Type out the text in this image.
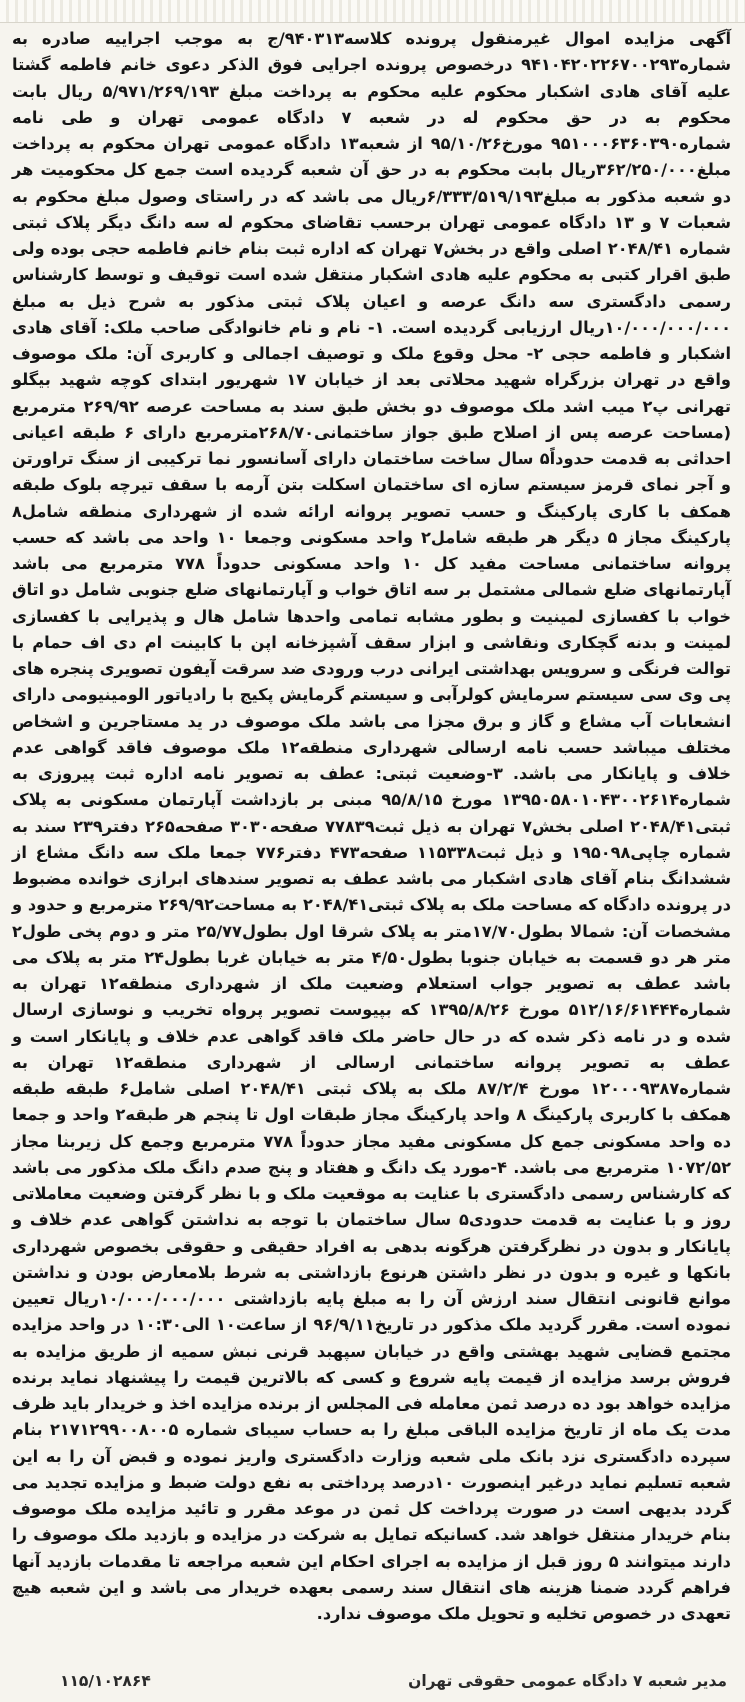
آگهی مزایده اموال غیرمنقول پرونده کلاسه۹۴۰۳۱۳/ج به موجب اجراییه صادره به شماره۹۴۱۰۴۲۰۲۲۶۷۰۰۲۹۳ درخصوص پرونده اجرایی فوق الذکر دعوی خانم فاطمه گشتا علیه آقای هادی اشکبار محکوم علیه محکوم به پرداخت مبلغ ۵/۹۷۱/۲۶۹/۱۹۳ ریال بابت محکوم به در حق محکوم له در شعبه ۷ دادگاه عمومی تهران و طی نامه شماره۹۵۱۰۰۰۶۳۶۰۳۹۰ مورخ۹۵/۱۰/۲۶ از شعبه۱۳ دادگاه عمومی تهران محکوم به پرداخت مبلغ۳۶۲/۲۵۰/۰۰۰ریال بابت محکوم به در حق آن شعبه گردیده است جمع کل محکومیت هر دو شعبه مذکور به مبلغ۶/۳۳۳/۵۱۹/۱۹۳ریال می باشد که در راستای وصول مبلغ محکوم به شعبات ۷ و ۱۳ دادگاه عمومی تهران برحسب تقاضای محکوم له سه دانگ دیگر پلاک ثبتی شماره ۲۰۴۸/۴۱ اصلی واقع در بخش۷ تهران که اداره ثبت بنام خانم فاطمه حجی بوده ولی طبق اقرار کتبی به محکوم علیه هادی اشکبار منتقل شده است توقیف و توسط کارشناس رسمی دادگستری سه دانگ عرصه و اعیان پلاک ثبتی مذکور به شرح ذیل به مبلغ ۱۰/۰۰۰/۰۰۰/۰۰۰ریال ارزیابی گردیده است. ۱- نام و نام خانوادگی صاحب ملک: آقای هادی اشکبار و فاطمه حجی ۲- محل وقوع ملک و توصیف اجمالی و کاربری آن: ملک موصوف واقع در تهران بزرگراه شهید محلاتی بعد از خیابان ۱۷ شهریور ابتدای کوچه شهید بیگلو تهرانی پ۲ میب اشد ملک موصوف دو بخش طبق سند به مساحت عرصه ۲۶۹/۹۲ مترمربع (مساحت عرصه پس از اصلاح طبق جواز ساختمانی۲۶۸/۷۰مترمربع دارای ۶ طبقه اعیانی احداثی به قدمت حدوداً۵ سال ساخت ساختمان دارای آسانسور نما ترکیبی از سنگ تراورتن و آجر نمای قرمز سیستم سازه ای ساختمان اسکلت بتن آرمه با سقف تیرچه بلوک طبقه همکف با کاری پارکینگ و حسب تصویر پروانه ارائه شده از شهرداری منطقه شامل۸ پارکینگ مجاز ۵ دیگر هر طبقه شامل۲ واحد مسکونی وجمعا ۱۰ واحد می باشد که حسب پروانه ساختمانی مساحت مفید کل ۱۰ واحد مسکونی حدوداً ۷۷۸ مترمربع می باشد آپارتمانهای ضلع شمالی مشتمل بر سه اتاق خواب و آپارتمانهای ضلع جنوبی شامل دو اتاق خواب با کفسازی لمینیت و بطور مشابه تمامی واحدها شامل هال و پذیرایی با کفسازی لمینت و بدنه گچکاری ونقاشی و ابزار سقف آشپزخانه اپن با کابینت ام دی اف حمام با توالت فرنگی و سرویس بهداشتی ایرانی درب ورودی ضد سرقت آیفون تصویری پنجره های پی وی سی سیستم سرمایش کولرآبی و سیستم گرمایش پکیج با رادیاتور الومینیومی دارای انشعابات آب مشاع و گاز و برق مجزا می باشد ملک موصوف در ید مستاجرین و اشخاص مختلف میباشد حسب نامه ارسالی شهرداری منطقه۱۲ ملک موصوف فاقد گواهی عدم خلاف و پایانکار می باشد. ۳-وضعیت ثبتی: عطف به تصویر نامه اداره ثبت پیروزی به شماره۱۳۹۵۰۵۸۰۱۰۴۳۰۰۲۶۱۴ مورخ ۹۵/۸/۱۵ مبنی بر بازداشت آپارتمان مسکونی به پلاک ثبتی۲۰۴۸/۴۱ اصلی بخش۷ تهران به ذیل ثبت۷۷۸۳۹ صفحه۳۰۳۰ صفحه۲۶۵ دفتر۲۳۹ سند به شماره چاپی۱۹۵۰۹۸ و ذیل ثبت۱۱۵۳۳۸ صفحه۴۷۳ دفتر۷۷۶ جمعا ملک سه دانگ مشاع از ششدانگ بنام آقای هادی اشکبار می باشد عطف به تصویر سندهای ابرازی خوانده مضبوط در پرونده دادگاه که مساحت ملک به پلاک ثبتی۲۰۴۸/۴۱ به مساحت۲۶۹/۹۲ مترمربع و حدود و مشخصات آن: شمالا بطول۱۷/۷۰متر به پلاک شرقا اول بطول۲۵/۷۷ متر و دوم پخی طول۲ متر هر دو قسمت به خیابان جنوبا بطول۴/۵۰ متر به خیابان غربا بطول۲۴ متر به پلاک می باشد عطف به تصویر جواب استعلام وضعیت ملک از شهرداری منطقه۱۲ تهران به شماره۵۱۲/۱۶/۶۱۴۴۴ مورخ ۱۳۹۵/۸/۲۶ که بپیوست تصویر پرواه تخریب و نوسازی ارسال شده و در نامه ذکر شده که در حال حاضر ملک فاقد گواهی عدم خلاف و پایانکار است و عطف به تصویر پروانه ساختمانی ارسالی از شهرداری منطقه۱۲ تهران به شماره۱۲۰۰۰۹۳۸۷ مورخ ۸۷/۲/۴ ملک به پلاک ثبتی ۲۰۴۸/۴۱ اصلی شامل۶ طبقه طبقه همکف با کاربری پارکینگ ۸ واحد پارکینگ مجاز طبقات اول تا پنجم هر طبقه۲ واحد و جمعا ده واحد مسکونی جمع کل مسکونی مفید مجاز حدوداً ۷۷۸ مترمربع وجمع کل زیربنا مجاز ۱۰۷۲/۵۲ مترمربع می باشد. ۴-مورد یک دانگ و هفتاد و پنج صدم دانگ ملک مذکور می باشد که کارشناس رسمی دادگستری با عنایت به موقعیت ملک و با نظر گرفتن وضعیت معاملاتی روز و با عنایت به قدمت حدودی۵ سال ساختمان با توجه به نداشتن گواهی عدم خلاف و پایانکار و بدون در نظرگرفتن هرگونه بدهی به افراد حقیقی و حقوقی بخصوص شهرداری بانکها و غیره و بدون در نظر داشتن هرنوع بازداشتی به شرط بلامعارض بودن و نداشتن موانع قانونی انتقال سند ارزش آن را به مبلغ پایه بازداشتی ۱۰/۰۰۰/۰۰۰/۰۰۰ریال تعیین نموده است. مقرر گردید ملک مذکور در تاریخ۹۶/۹/۱۱ از ساعت۱۰ الی۱۰:۳۰ در واحد مزایده مجتمع قضایی شهید بهشتی واقع در خیابان سپهبد قرنی نبش سمیه از طریق مزایده به فروش برسد مزایده از قیمت پایه شروع و کسی که بالاترین قیمت را پیشنهاد نماید برنده مزایده خواهد بود ده درصد ثمن معامله فی المجلس از برنده مزایده اخذ و خریدار باید ظرف مدت یک ماه از تاریخ مزایده الباقی مبلغ را به حساب سیبای شماره ۲۱۷۱۲۹۹۰۰۸۰۰۵ بنام سپرده دادگستری نزد بانک ملی شعبه وزارت دادگستری واریز نموده و قبض آن را به این شعبه تسلیم نماید درغیر اینصورت ۱۰درصد پرداختی به نفع دولت ضبط و مزایده تجدید می گردد بدیهی است در صورت پرداخت کل ثمن در موعد مقرر و تائید مزایده ملک موصوف بنام خریدار منتقل خواهد شد. کسانیکه تمایل به شرکت در مزایده و بازدید ملک موصوف را دارند میتوانند ۵ روز قبل از مزایده به اجرای احکام این شعبه مراجعه تا مقدمات بازدید آنها فراهم گردد ضمنا هزینه های انتقال سند رسمی بعهده خریدار می باشد و این شعبه هیچ تعهدی در خصوص تخلیه و تحویل ملک موصوف ندارد.

مدیر شعبه ۷ دادگاه عمومی حقوقی تهران
۱۱۵/۱۰۲۸۶۴
